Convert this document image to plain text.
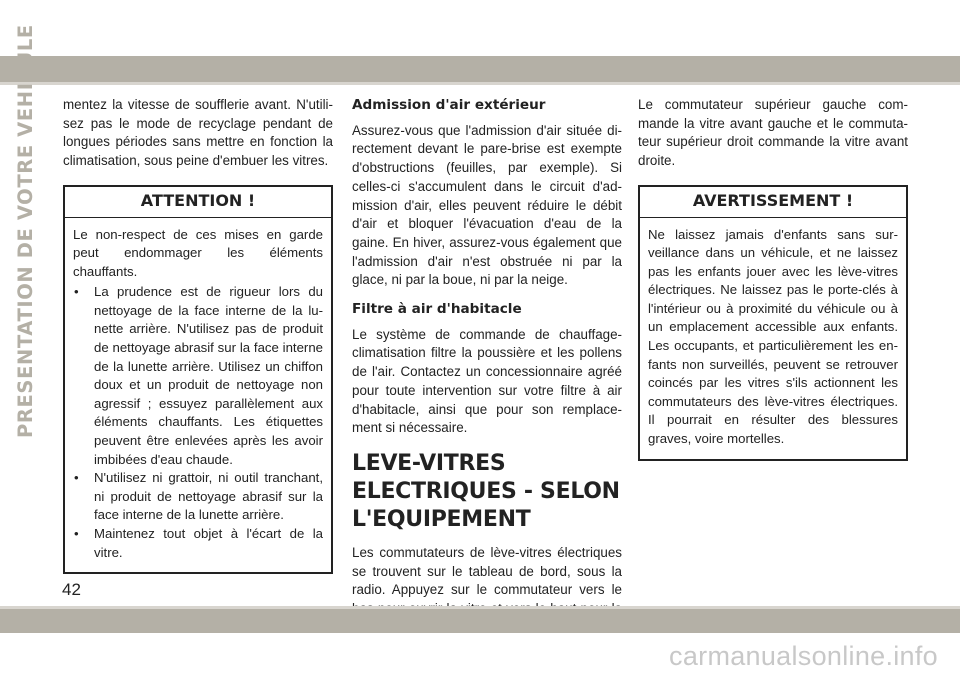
PRESENTATION DE VOTRE VEHICULE mentez la vitesse de soufflerie avant. N'utili-sez pas le mode de recyclage pendant de longues périodes sans mettre en fonction la climatisation, sous peine d'embuer les vitres.

ATTENTION !

Le non-respect de ces mises en garde peut endommager les éléments chauffants.

• La prudence est de rigueur lors du nettoyage de la face interne de la lu-nette arrière. N'utilisez pas de produit de nettoyage abrasif sur la face interne de la lunette arrière. Utilisez un chiffon doux et un produit de nettoyage non agressif ; essuyez parallèlement aux éléments chauffants. Les étiquettes peuvent être enlevées après les avoir imbibées d'eau chaude.
• N'utilisez ni grattoir, ni outil tranchant, ni produit de nettoyage abrasif sur la face interne de la lunette arrière.
• Maintenez tout objet à l'écart de la vitre.
Admission d'air extérieur

Assurez-vous que l'admission d'air située di-rectement devant le pare-brise est exempte d'obstructions (feuilles, par exemple). Si celles-ci s'accumulent dans le circuit d'ad-mission d'air, elles peuvent réduire le débit d'air et bloquer l'évacuation d'eau de la gaine. En hiver, assurez-vous également que l'admission d'air n'est obstruée ni par la glace, ni par la boue, ni par la neige.

Filtre à air d'habitacle

Le système de commande de chauffage-climatisation filtre la poussière et les pollens de l'air. Contactez un concessionnaire agréé pour toute intervention sur votre filtre à air d'habitacle, ainsi que pour son remplace-ment si nécessaire.

LEVE-VITRES ELECTRIQUES - SELON L'EQUIPEMENT

Les commutateurs de lève-vitres électriques se trouvent sur le tableau de bord, sous la radio. Appuyez sur le commutateur vers le

Le commutateur supérieur gauche com-mande la vitre avant gauche et le commuta-teur supérieur droit commande la vitre avant droite.

AVERTISSEMENT !

Ne laissez jamais d'enfants sans sur-veillance dans un véhicule, et ne laissez pas les enfants jouer avec les lève-vitres électriques. Ne laissez pas le porte-clés à l'intérieur ou à proximité du véhicule ou à un emplacement accessible aux enfants. Les occupants, et particulièrement les en-fants non surveillés, peuvent se retrouver coincés par les vitres s'ils actionnent les commutateurs des lève-vitres électriques. Il pourrait en résulter des blessures graves, voire mortelles.

42
carmanualsonline.info
